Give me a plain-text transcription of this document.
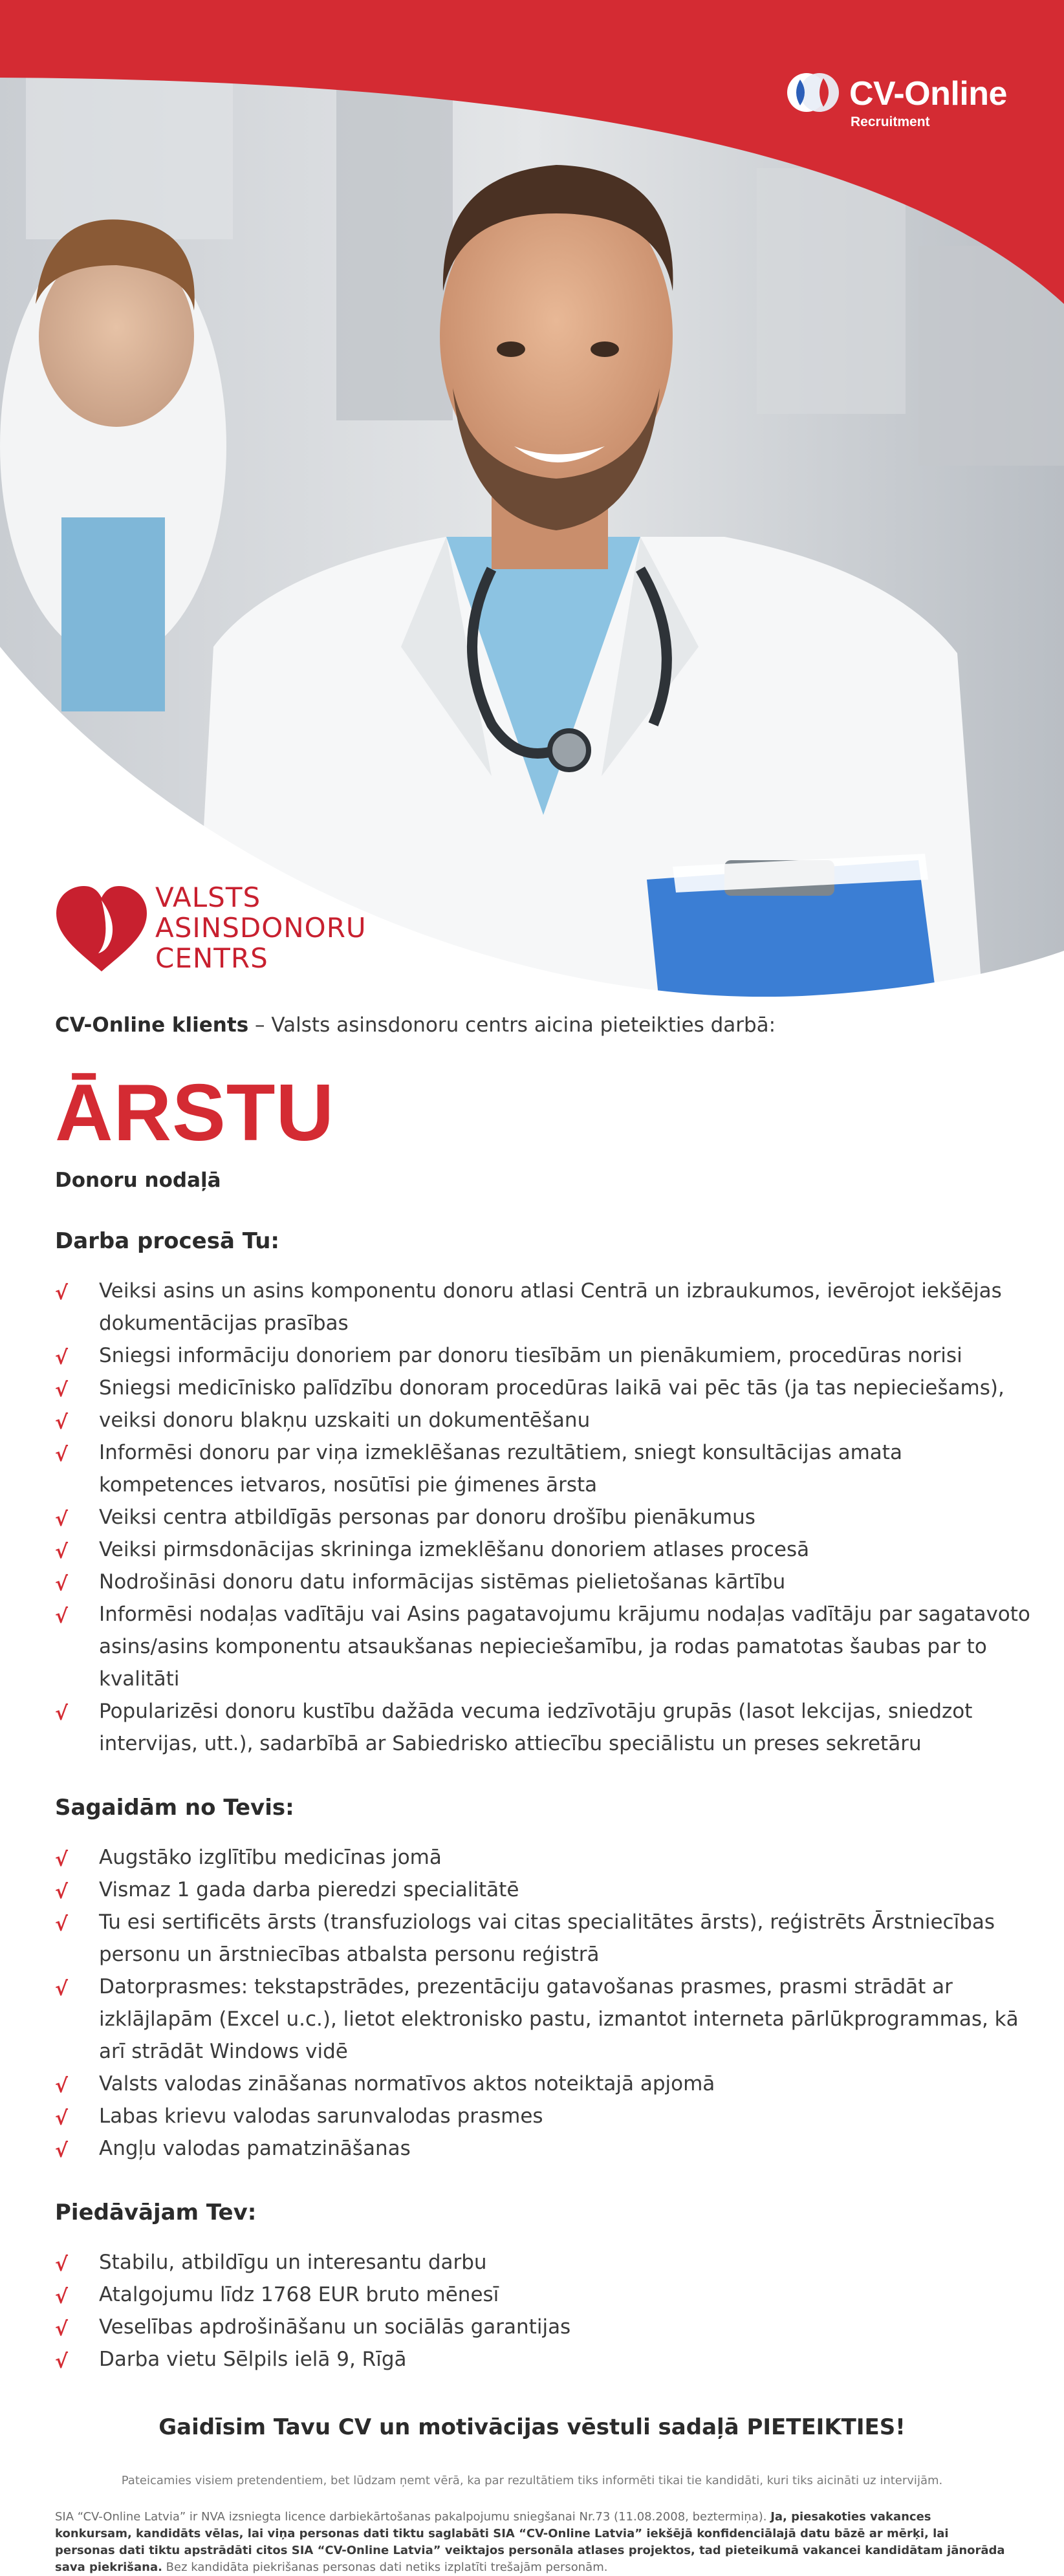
CV-Online
Recruitment
VALSTS
ASINSDONORU
CENTRS

CV-Online klients – Valsts asinsdonoru centrs aicina pieteikties darbā:

ĀRSTU

Donoru nodaļā

Darba procesā Tu:
√ Veiksi asins un asins komponentu donoru atlasi Centrā un izbraukumos, ievērojot iekšējas dokumentācijas prasības
√ Sniegsi informāciju donoriem par donoru tiesībām un pienākumiem, procedūras norisi
√ Sniegsi medicīnisko palīdzību donoram procedūras laikā vai pēc tās (ja tas nepieciešams),
√ veiksi donoru blakņu uzskaiti un dokumentēšanu
√ Informēsi donoru par viņa izmeklēšanas rezultātiem, sniegt konsultācijas amata kompetences ietvaros, nosūtīsi pie ģimenes ārsta
√ Veiksi centra atbildīgās personas par donoru drošību pienākumus
√ Veiksi pirmsdonācijas skrininga izmeklēšanu donoriem atlases procesā
√ Nodrošināsi donoru datu informācijas sistēmas pielietošanas kārtību
√ Informēsi nodaļas vadītāju vai Asins pagatavojumu krājumu nodaļas vadītāju par sagatavoto asins/asins komponentu atsaukšanas nepieciešamību, ja rodas pamatotas šaubas par to kvalitāti
√ Popularizēsi donoru kustību dažāda vecuma iedzīvotāju grupās (lasot lekcijas, sniedzot intervijas, utt.), sadarbībā ar Sabiedrisko attiecību speciālistu un preses sekretāru
Sagaidām no Tevis:
√ Augstāko izglītību medicīnas jomā
√ Vismaz 1 gada darba pieredzi specialitātē
√ Tu esi sertificēts ārsts (transfuziologs vai citas specialitātes ārsts), reģistrēts Ārstniecības personu un ārstniecības atbalsta personu reģistrā
√ Datorprasmes: tekstapstrādes, prezentāciju gatavošanas prasmes, prasmi strādāt ar izklājlapām (Excel u.c.), lietot elektronisko pastu, izmantot interneta pārlūkprogrammas, kā arī strādāt Windows vidē
√ Valsts valodas zināšanas normatīvos aktos noteiktajā apjomā
√ Labas krievu valodas sarunvalodas prasmes
√ Angļu valodas pamatzināšanas
Piedāvājam Tev:
√ Stabilu, atbildīgu un interesantu darbu
√ Atalgojumu līdz 1768 EUR bruto mēnesī
√ Veselības apdrošināšanu un sociālās garantijas
√ Darba vietu Sēlpils ielā 9, Rīgā

Gaidīsim Tavu CV un motivācijas vēstuli sadaļā PIETEIKTIES!

Pateicamies visiem pretendentiem, bet lūdzam ņemt vērā, ka par rezultātiem tiks informēti tikai tie kandidāti, kuri tiks aicināti uz intervijām.

SIA “CV-Online Latvia” ir NVA izsniegta licence darbiekārtošanas pakalpojumu sniegšanai Nr.73 (11.08.2008, beztermiņa). Ja, piesakoties vakances konkursam, kandidāts vēlas, lai viņa personas dati tiktu saglabāti SIA “CV-Online Latvia” iekšējā konfidenciālajā datu bāzē ar mērķi, lai personas dati tiktu apstrādāti citos SIA “CV-Online Latvia” veiktajos personāla atlases projektos, tad pieteikumā vakancei kandidātam jānorāda sava piekrišana. Bez kandidāta piekrišanas personas dati netiks izplatīti trešajām personām.
